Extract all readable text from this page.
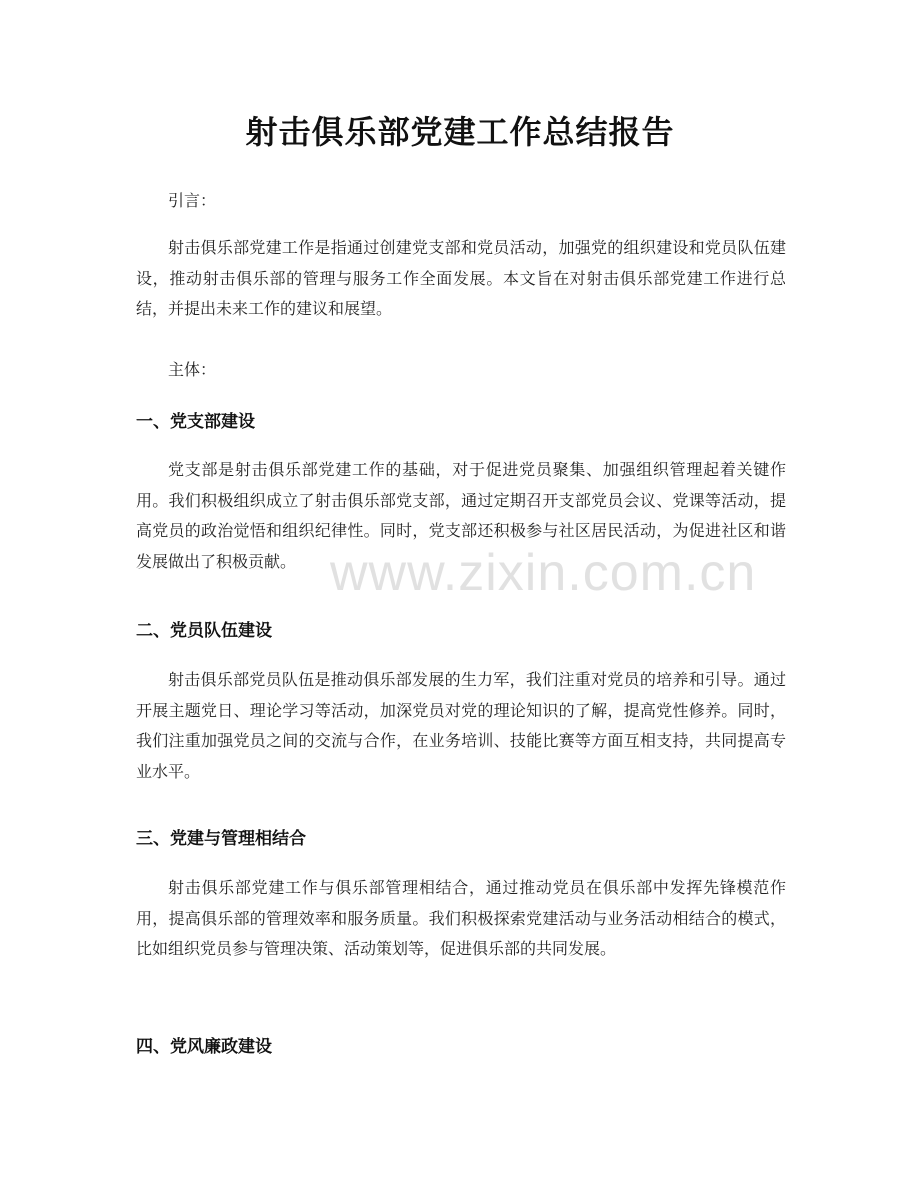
射击俱乐部党建工作总结报告

引言：

射击俱乐部党建工作是指通过创建党支部和党员活动，加强党的组织建设和党员队伍建设，推动射击俱乐部的管理与服务工作全面发展。本文旨在对射击俱乐部党建工作进行总结，并提出未来工作的建议和展望。

主体：

一、党支部建设

党支部是射击俱乐部党建工作的基础，对于促进党员聚集、加强组织管理起着关键作用。我们积极组织成立了射击俱乐部党支部，通过定期召开支部党员会议、党课等活动，提高党员的政治觉悟和组织纪律性。同时，党支部还积极参与社区居民活动，为促进社区和谐发展做出了积极贡献。

二、党员队伍建设

射击俱乐部党员队伍是推动俱乐部发展的生力军，我们注重对党员的培养和引导。通过开展主题党日、理论学习等活动，加深党员对党的理论知识的了解，提高党性修养。同时，我们注重加强党员之间的交流与合作，在业务培训、技能比赛等方面互相支持，共同提高专业水平。

三、党建与管理相结合

射击俱乐部党建工作与俱乐部管理相结合，通过推动党员在俱乐部中发挥先锋模范作用，提高俱乐部的管理效率和服务质量。我们积极探索党建活动与业务活动相结合的模式，比如组织党员参与管理决策、活动策划等，促进俱乐部的共同发展。

四、党风廉政建设

www.zixin.com.cn
